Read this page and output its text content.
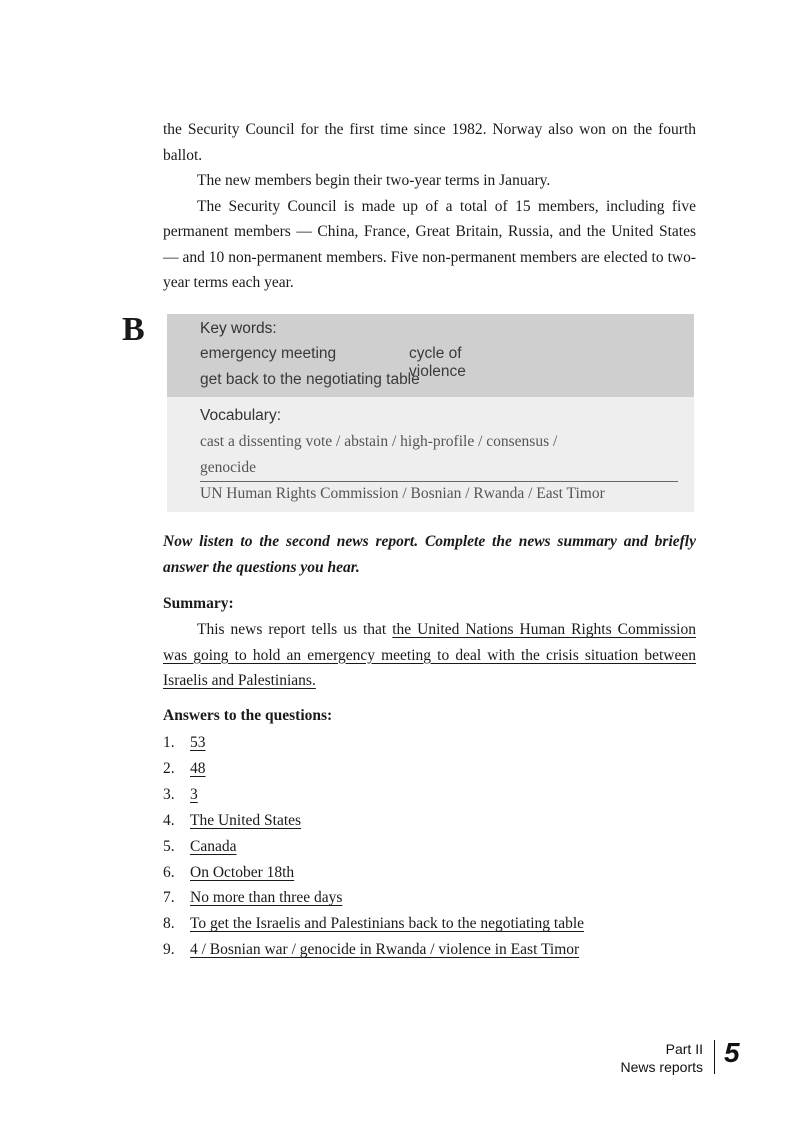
the Security Council for the first time since 1982. Norway also won on the fourth ballot.

The new members begin their two-year terms in January.

The Security Council is made up of a total of 15 members, including five permanent members — China, France, Great Britain, Russia, and the United States — and 10 non-permanent members. Five non-permanent members are elected to two-year terms each year.

B	Key words:
emergency meeting	cycle of violence
get back to the negotiating table
Vocabulary:
cast a dissenting vote / abstain / high-profile / consensus /
genocide
UN Human Rights Commission / Bosnian / Rwanda / East Timor

Now listen to the second news report. Complete the news summary and briefly answer the questions you hear.

Summary:

This news report tells us that the United Nations Human Rights Commission was going to hold an emergency meeting to deal with the crisis situation between Israelis and Palestinians.

Answers to the questions:

1. 53
2. 48
3. 3
4. The United States
5. Canada
6. On October 18th
7. No more than three days
8. To get the Israelis and Palestinians back to the negotiating table
9. 4 / Bosnian war / genocide in Rwanda / violence in East Timor
Part II
News reports 5
